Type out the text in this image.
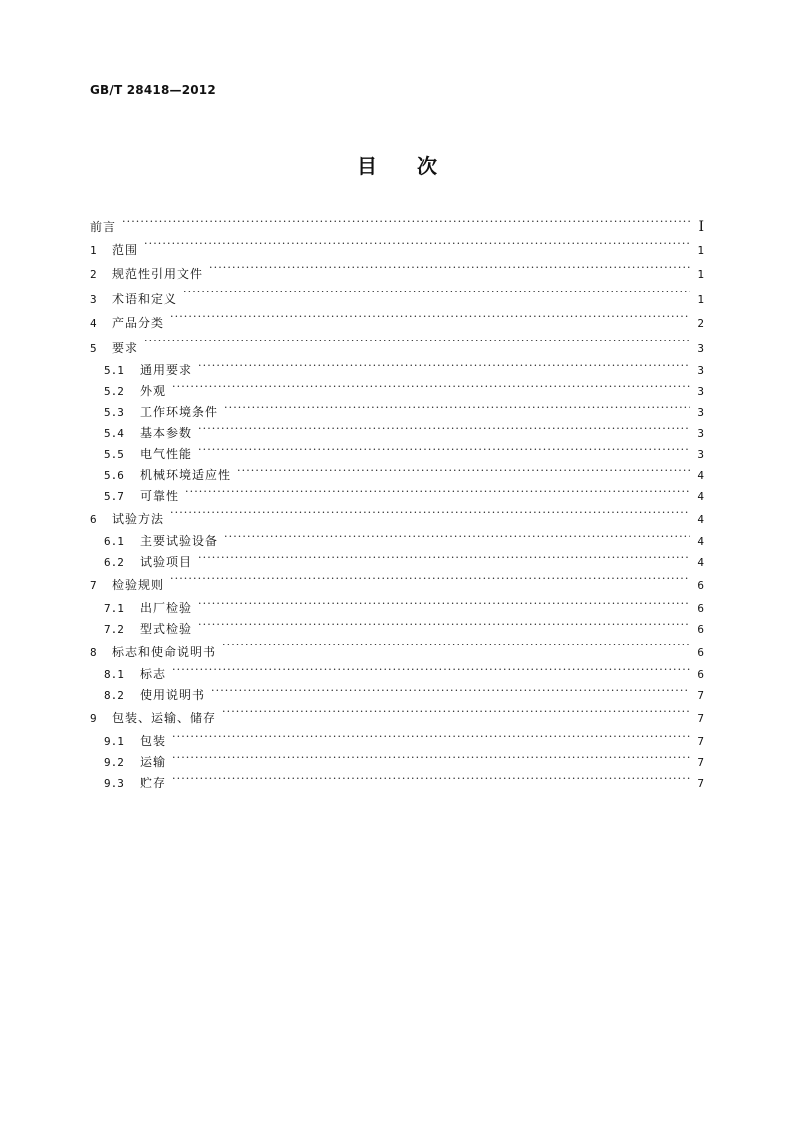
GB/T 28418—2012
目次
前言 ·····	I
1	范围 ·····	1
2	规范性引用文件 ·····	1
3	术语和定义 ·····	1
4	产品分类 ·····	2
5	要求 ·····	3
5.1	通用要求 ·····	3
5.2	外观 ·····	3
5.3	工作环境条件 ·····	3
5.4	基本参数 ·····	3
5.5	电气性能 ·····	3
5.6	机械环境适应性 ·····	4
5.7	可靠性 ·····	4
6	试验方法 ·····	4
6.1	主要试验设备 ·····	4
6.2	试验项目 ·····	4
7	检验规则 ·····	6
7.1	出厂检验 ·····	6
7.2	型式检验 ·····	6
8	标志和使命说明书 ·····	6
8.1	标志 ·····	6
8.2	使用说明书 ·····	7
9	包装、运输、储存 ·····	7
9.1	包装 ·····	7
9.2	运输 ·····	7
9.3	贮存 ·····	7
